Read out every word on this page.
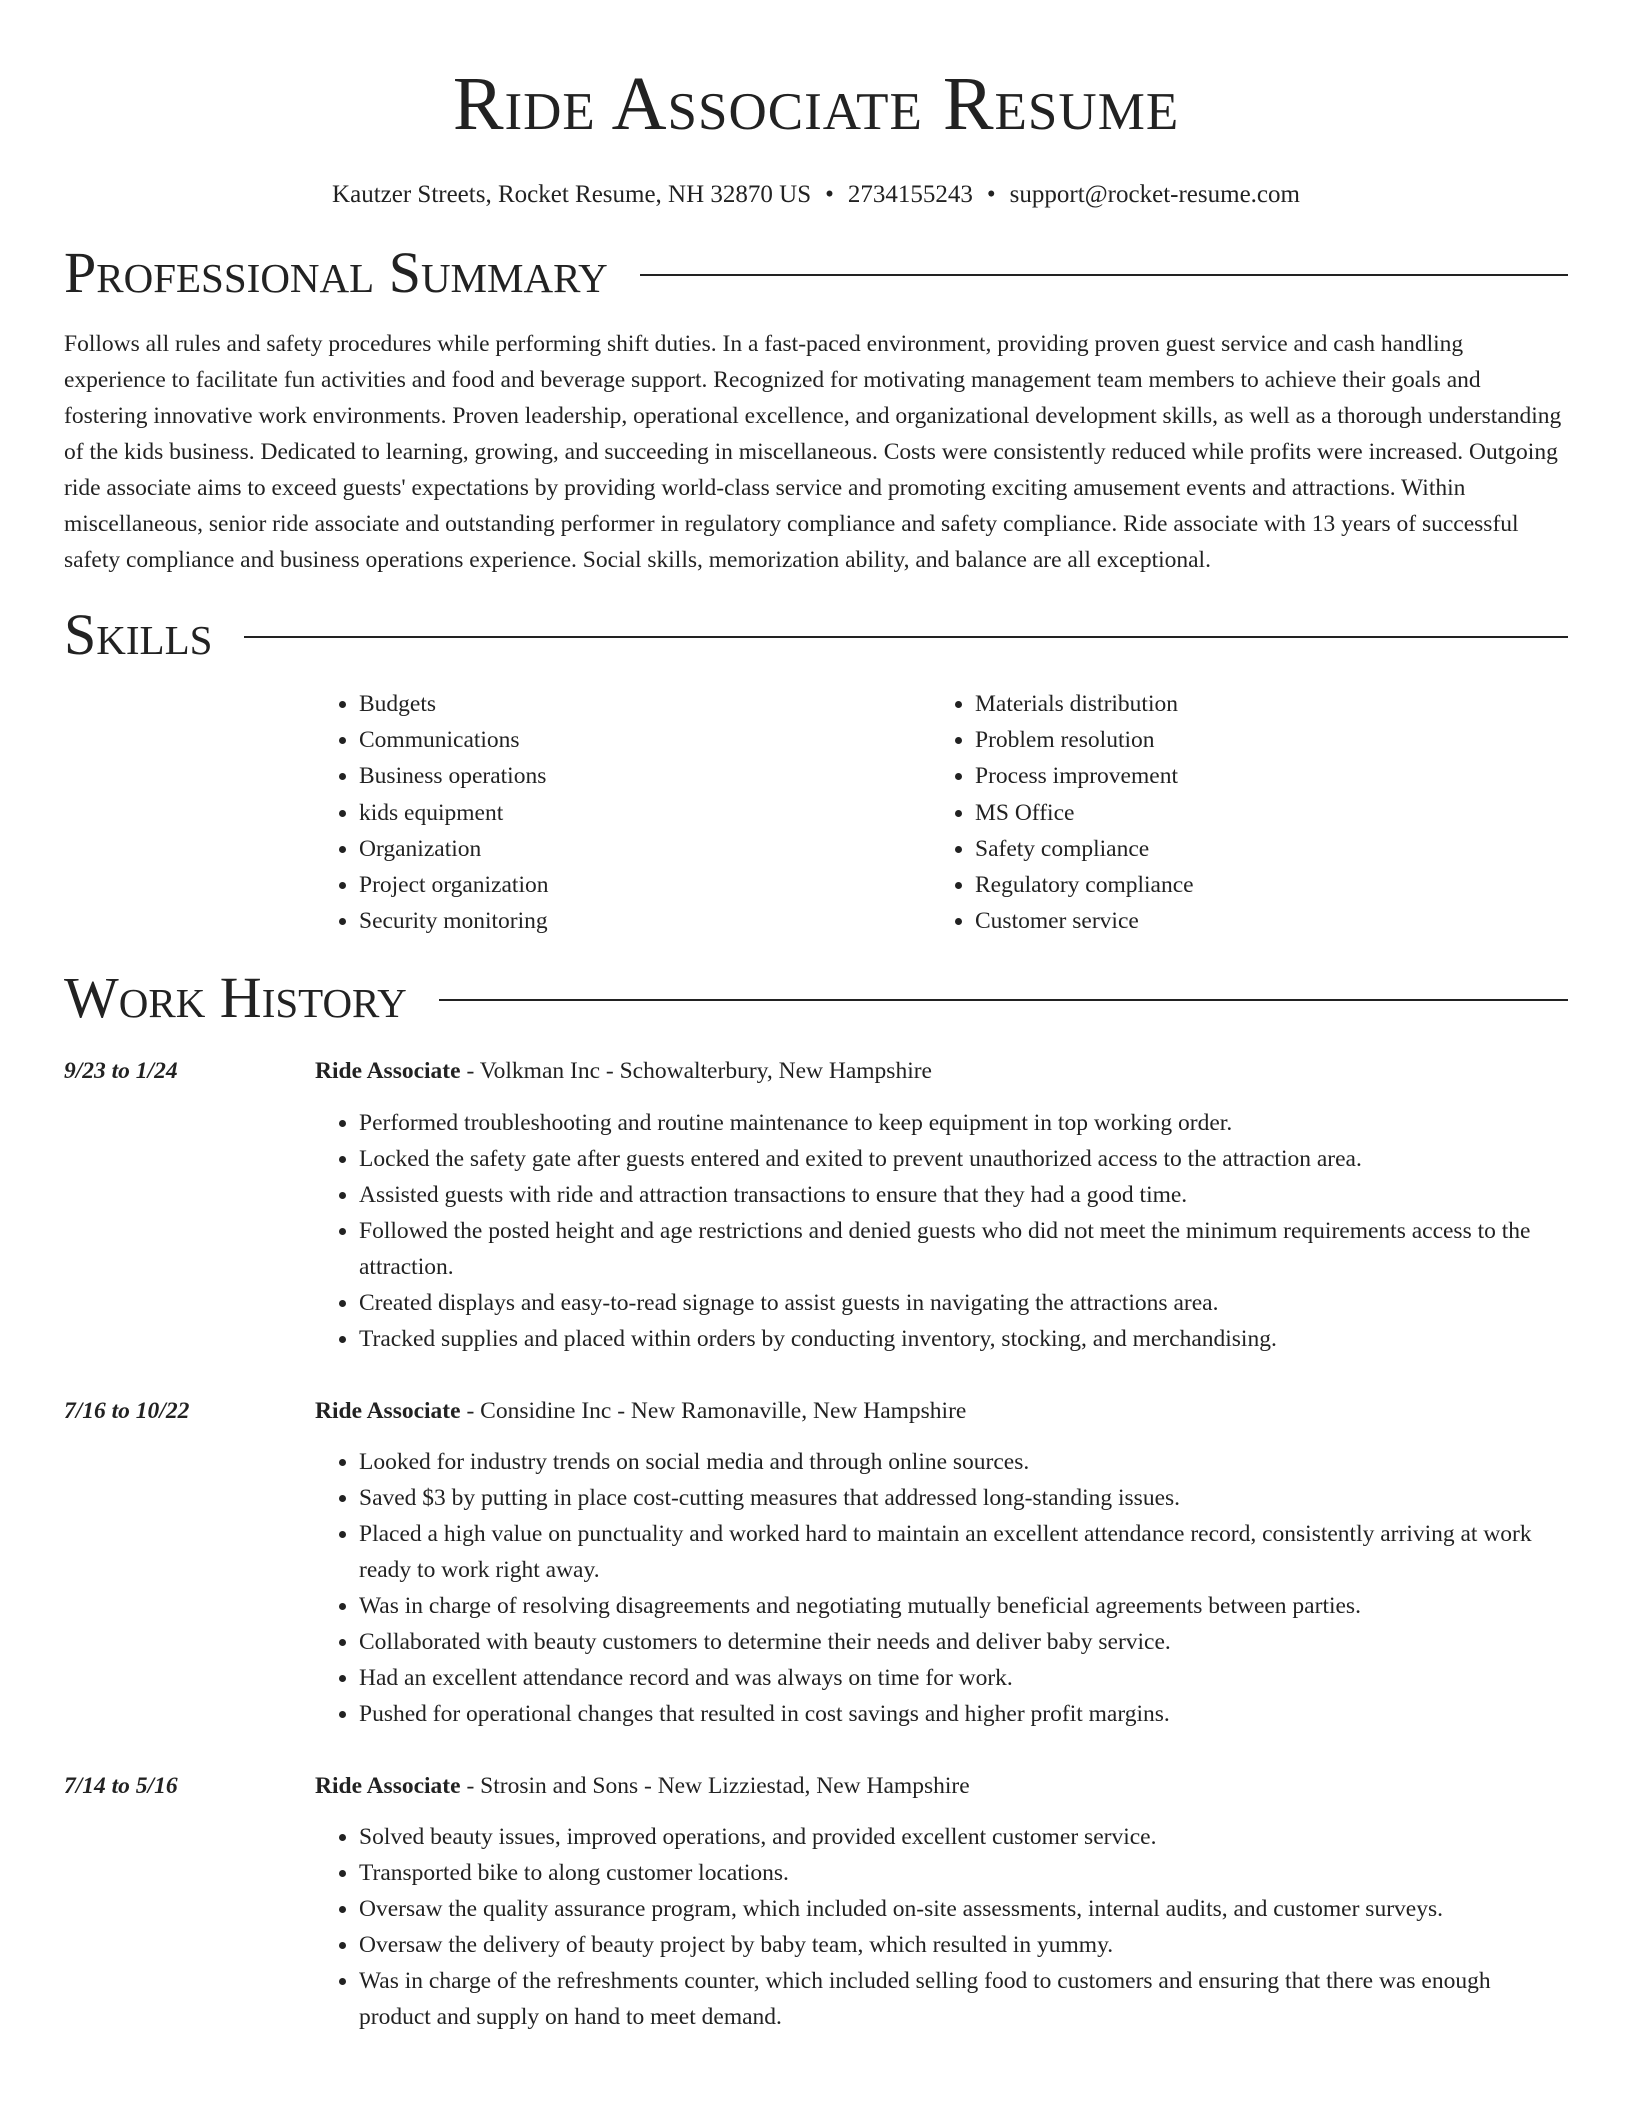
Ride Associate Resume
Kautzer Streets, Rocket Resume, NH 32870 US • 2734155243 • support@rocket-resume.com
Professional Summary

Follows all rules and safety procedures while performing shift duties. In a fast-paced environment, providing proven guest service and cash handling experience to facilitate fun activities and food and beverage support. Recognized for motivating management team members to achieve their goals and fostering innovative work environments. Proven leadership, operational excellence, and organizational development skills, as well as a thorough understanding of the kids business. Dedicated to learning, growing, and succeeding in miscellaneous. Costs were consistently reduced while profits were increased. Outgoing ride associate aims to exceed guests' expectations by providing world-class service and promoting exciting amusement events and attractions. Within miscellaneous, senior ride associate and outstanding performer in regulatory compliance and safety compliance. Ride associate with 13 years of successful safety compliance and business operations experience. Social skills, memorization ability, and balance are all exceptional.

Skills
• Budgets
• Communications
• Business operations
• kids equipment
• Organization
• Project organization
• Security monitoring
• Materials distribution
• Problem resolution
• Process improvement
• MS Office
• Safety compliance
• Regulatory compliance
• Customer service
Work History
9/23 to 1/24	Ride Associate - Volkman Inc - Schowalterbury, New Hampshire

• Performed troubleshooting and routine maintenance to keep equipment in top working order.
• Locked the safety gate after guests entered and exited to prevent unauthorized access to the attraction area.
• Assisted guests with ride and attraction transactions to ensure that they had a good time.
• Followed the posted height and age restrictions and denied guests who did not meet the minimum requirements access to the attraction.
• Created displays and easy-to-read signage to assist guests in navigating the attractions area.
• Tracked supplies and placed within orders by conducting inventory, stocking, and merchandising.
7/16 to 10/22	Ride Associate - Considine Inc - New Ramonaville, New Hampshire

• Looked for industry trends on social media and through online sources.
• Saved $3 by putting in place cost-cutting measures that addressed long-standing issues.
• Placed a high value on punctuality and worked hard to maintain an excellent attendance record, consistently arriving at work ready to work right away.
• Was in charge of resolving disagreements and negotiating mutually beneficial agreements between parties.
• Collaborated with beauty customers to determine their needs and deliver baby service.
• Had an excellent attendance record and was always on time for work.
• Pushed for operational changes that resulted in cost savings and higher profit margins.
7/14 to 5/16	Ride Associate - Strosin and Sons - New Lizziestad, New Hampshire

• Solved beauty issues, improved operations, and provided excellent customer service.
• Transported bike to along customer locations.
• Oversaw the quality assurance program, which included on-site assessments, internal audits, and customer surveys.
• Oversaw the delivery of beauty project by baby team, which resulted in yummy.
• Was in charge of the refreshments counter, which included selling food to customers and ensuring that there was enough product and supply on hand to meet demand.
